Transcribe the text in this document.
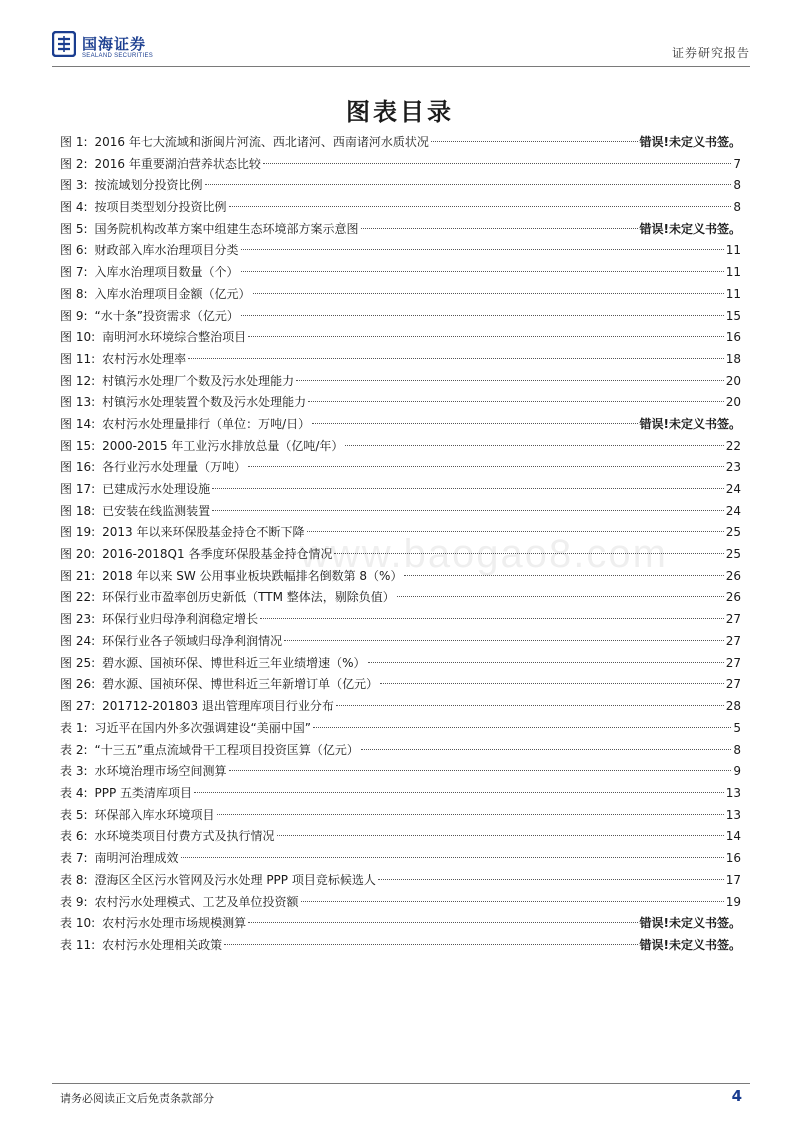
国海证券
SEALAND SECURITIES	证券研究报告
图表目录
图 1: 2016 年七大流域和浙闽片河流、西北诸河、西南诸河水质状况	错误!未定义书签。
图 2: 2016 年重要湖泊营养状态比较	7
图 3: 按流域划分投资比例	8
图 4: 按项目类型划分投资比例	8
图 5: 国务院机构改革方案中组建生态环境部方案示意图	错误!未定义书签。
图 6: 财政部入库水治理项目分类	11
图 7: 入库水治理项目数量（个）	11
图 8: 入库水治理项目金额（亿元）	11
图 9: “水十条”投资需求（亿元）	15
图 10: 南明河水环境综合整治项目	16
图 11: 农村污水处理率	18
图 12: 村镇污水处理厂个数及污水处理能力	20
图 13: 村镇污水处理装置个数及污水处理能力	20
图 14: 农村污水处理量排行（单位：万吨/日）	错误!未定义书签。
图 15: 2000-2015 年工业污水排放总量（亿吨/年）	22
图 16: 各行业污水处理量（万吨）	23
图 17: 已建成污水处理设施	24
图 18: 已安装在线监测装置	24
图 19: 2013 年以来环保股基金持仓不断下降	25
图 20: 2016-2018Q1 各季度环保股基金持仓情况	25
图 21: 2018 年以来 SW 公用事业板块跌幅排名倒数第 8（%）	26
图 22: 环保行业市盈率创历史新低（TTM 整体法，剔除负值）	26
图 23: 环保行业归母净利润稳定增长	27
图 24: 环保行业各子领域归母净利润情况	27
图 25: 碧水源、国祯环保、博世科近三年业绩增速（%）	27
图 26: 碧水源、国祯环保、博世科近三年新增订单（亿元）	27
图 27: 201712-201803 退出管理库项目行业分布	28
表 1: 习近平在国内外多次强调建设“美丽中国”	5
表 2: “十三五”重点流域骨干工程项目投资匡算（亿元）	8
表 3: 水环境治理市场空间测算	9
表 4: PPP 五类清库项目	13
表 5: 环保部入库水环境项目	13
表 6: 水环境类项目付费方式及执行情况	14
表 7: 南明河治理成效	16
表 8: 澄海区全区污水管网及污水处理 PPP 项目竞标候选人	17
表 9: 农村污水处理模式、工艺及单位投资额	19
表 10: 农村污水处理市场规模测算	错误!未定义书签。
表 11: 农村污水处理相关政策	错误!未定义书签。
www.baogao8.com
请务必阅读正文后免责条款部分	4
